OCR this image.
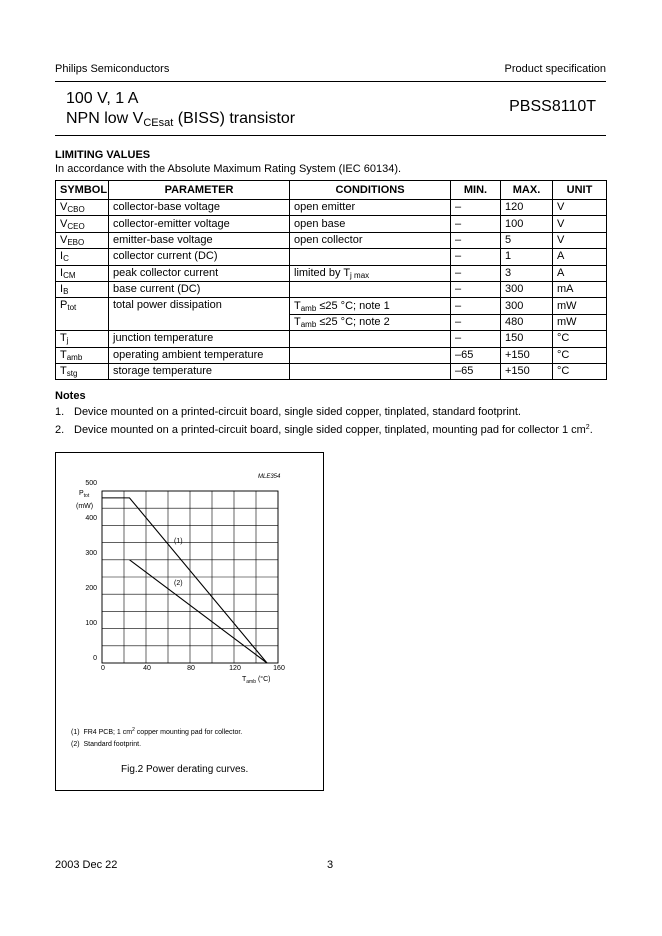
Philips Semiconductors	Product specification
100 V, 1 A
NPN low $V_{CEsat}$ (BISS) transistor
PBSS8110T
LIMITING VALUES
In accordance with the Absolute Maximum Rating System (IEC 60134).
SYMBOL	PARAMETER	CONDITIONS	MIN.	MAX.	UNIT
$V_{CBO}$	collector-base voltage	open emitter	–	120	V
$V_{CEO}$	collector-emitter voltage	open base	–	100	V
$V_{EBO}$	emitter-base voltage	open collector	–	5	V
$I_C$	collector current (DC)		–	1	A
$I_{CM}$	peak collector current	limited by $T_{j max}$	–	3	A
$I_B$	base current (DC)		–	300	mA
$P_{tot}$	total power dissipation	$T_{amb} \le 25$ °C; note 1	–	300	mW
		$T_{amb} \le 25$ °C; note 2	–	480	mW
$T_j$	junction temperature		–	150	°C
$T_{amb}$	operating ambient temperature		–65	+150	°C
$T_{stg}$	storage temperature		–65	+150	°C
Notes
1. Device mounted on a printed-circuit board, single sided copper, tinplated, standard footprint.
2. Device mounted on a printed-circuit board, single sided copper, tinplated, mounting pad for collector 1 $cm^2$.
MLE354
$P_{tot}$
(mW)
500
400
300
200
100
0
0	40	80	120	160
$T_{amb}$ (°C)
(1)
(2)
(1) FR4 PCB; 1 $cm^2$ copper mounting pad for collector.
(2) Standard footprint.
Fig.2 Power derating curves.
2003 Dec 22	3
